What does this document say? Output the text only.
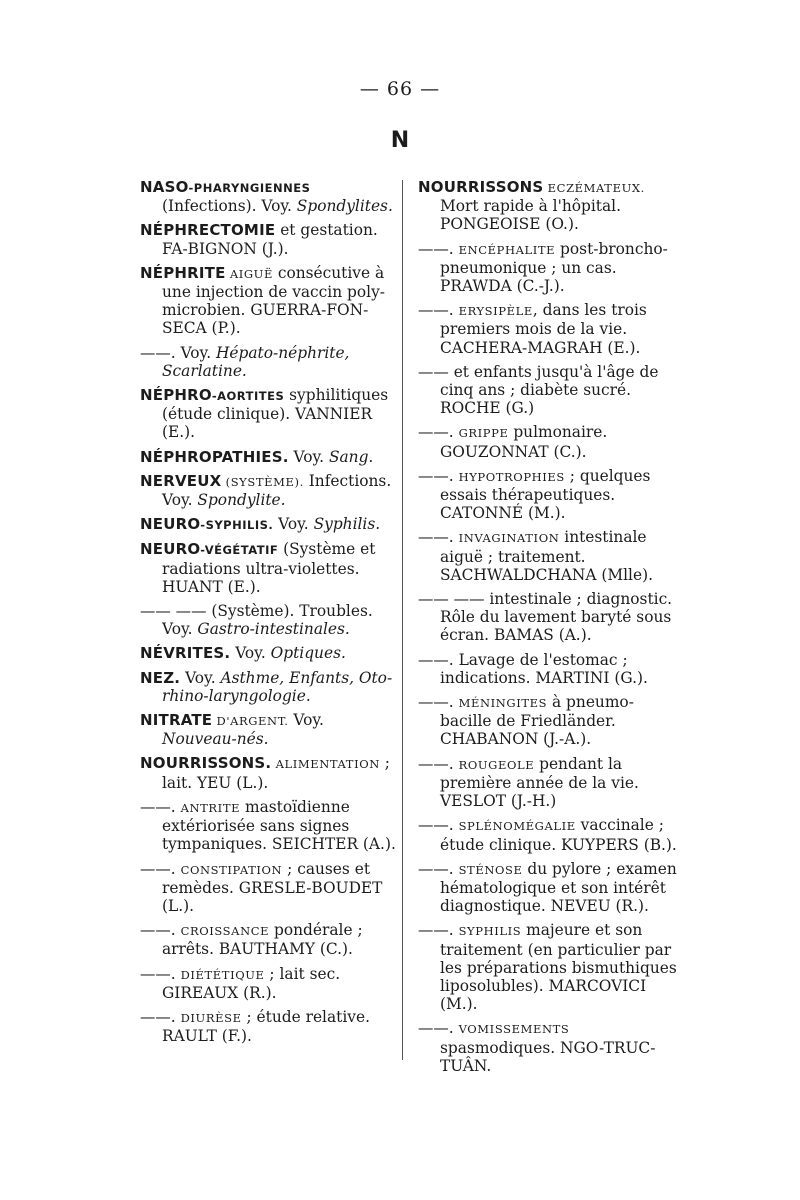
— 66 —
N

NASO-PHARYNGIENNES (Infections). Voy. Spondylites.

NÉPHRECTOMIE et gestation. FA-BIGNON (J.).

NÉPHRITE AIGUË consécutive à une injection de vaccin poly-microbien. GUERRA-FON-SECA (P.).

——. Voy. Hépato-néphrite, Scarlatine.

NÉPHRO-AORTITES syphilitiques (étude clinique). VANNIER (E.).

NÉPHROPATHIES. Voy. Sang.

NERVEUX (SYSTÈME). Infections. Voy. Spondylite.

NEURO-SYPHILIS. Voy. Syphilis.

NEURO-VÉGÉTATIF (Système et radiations ultra-violettes. HUANT (E.).

—— —— (Système). Troubles. Voy. Gastro-intestinales.

NÉVRITES. Voy. Optiques.

NEZ. Voy. Asthme, Enfants, Oto-rhino-laryngologie.

NITRATE D'ARGENT. Voy. Nouveau-nés.

NOURRISSONS. ALIMENTATION ; lait. YEU (L.).

——. ANTRITE mastoïdienne extériorisée sans signes tympaniques. SEICHTER (A.).

——. CONSTIPATION ; causes et remèdes. GRESLE-BOUDET (L.).

——. CROISSANCE pondérale ; arrêts. BAUTHAMY (C.).

——. DIÉTÉTIQUE ; lait sec. GIREAUX (R.).

——. DIURÈSE ; étude relative. RAULT (F.).

NOURRISSONS ECZÉMATEUX. Mort rapide à l'hôpital. PONGEOISE (O.).

——. ENCÉPHALITE post-broncho-pneumonique ; un cas. PRAWDA (C.-J.).

——. ERYSIPÈLE, dans les trois premiers mois de la vie. CACHERA-MAGRAH (E.).

—— et enfants jusqu'à l'âge de cinq ans ; diabète sucré. ROCHE (G.)

——. GRIPPE pulmonaire. GOUZONNAT (C.).

——. HYPOTROPHIES ; quelques essais thérapeutiques. CATONNÉ (M.).

——. INVAGINATION intestinale aiguë ; traitement. SACHWALDCHANA (Mlle).

—— —— intestinale ; diagnostic. Rôle du lavement baryté sous écran. BAMAS (A.).

——. Lavage de l'estomac ; indications. MARTINI (G.).

——. MÉNINGITES à pneumo-bacille de Friedländer. CHABANON (J.-A.).

——. ROUGEOLE pendant la première année de la vie. VESLOT (J.-H.)

——. SPLÉNOMÉGALIE vaccinale ; étude clinique. KUYPERS (B.).

——. STÉNOSE du pylore ; examen hématologique et son intérêt diagnostique. NEVEU (R.).

——. SYPHILIS majeure et son traitement (en particulier par les préparations bismuthiques liposolubles). MARCOVICI (M.).

——. VOMISSEMENTS spasmodiques. NGO-TRUC-TUÂN.
